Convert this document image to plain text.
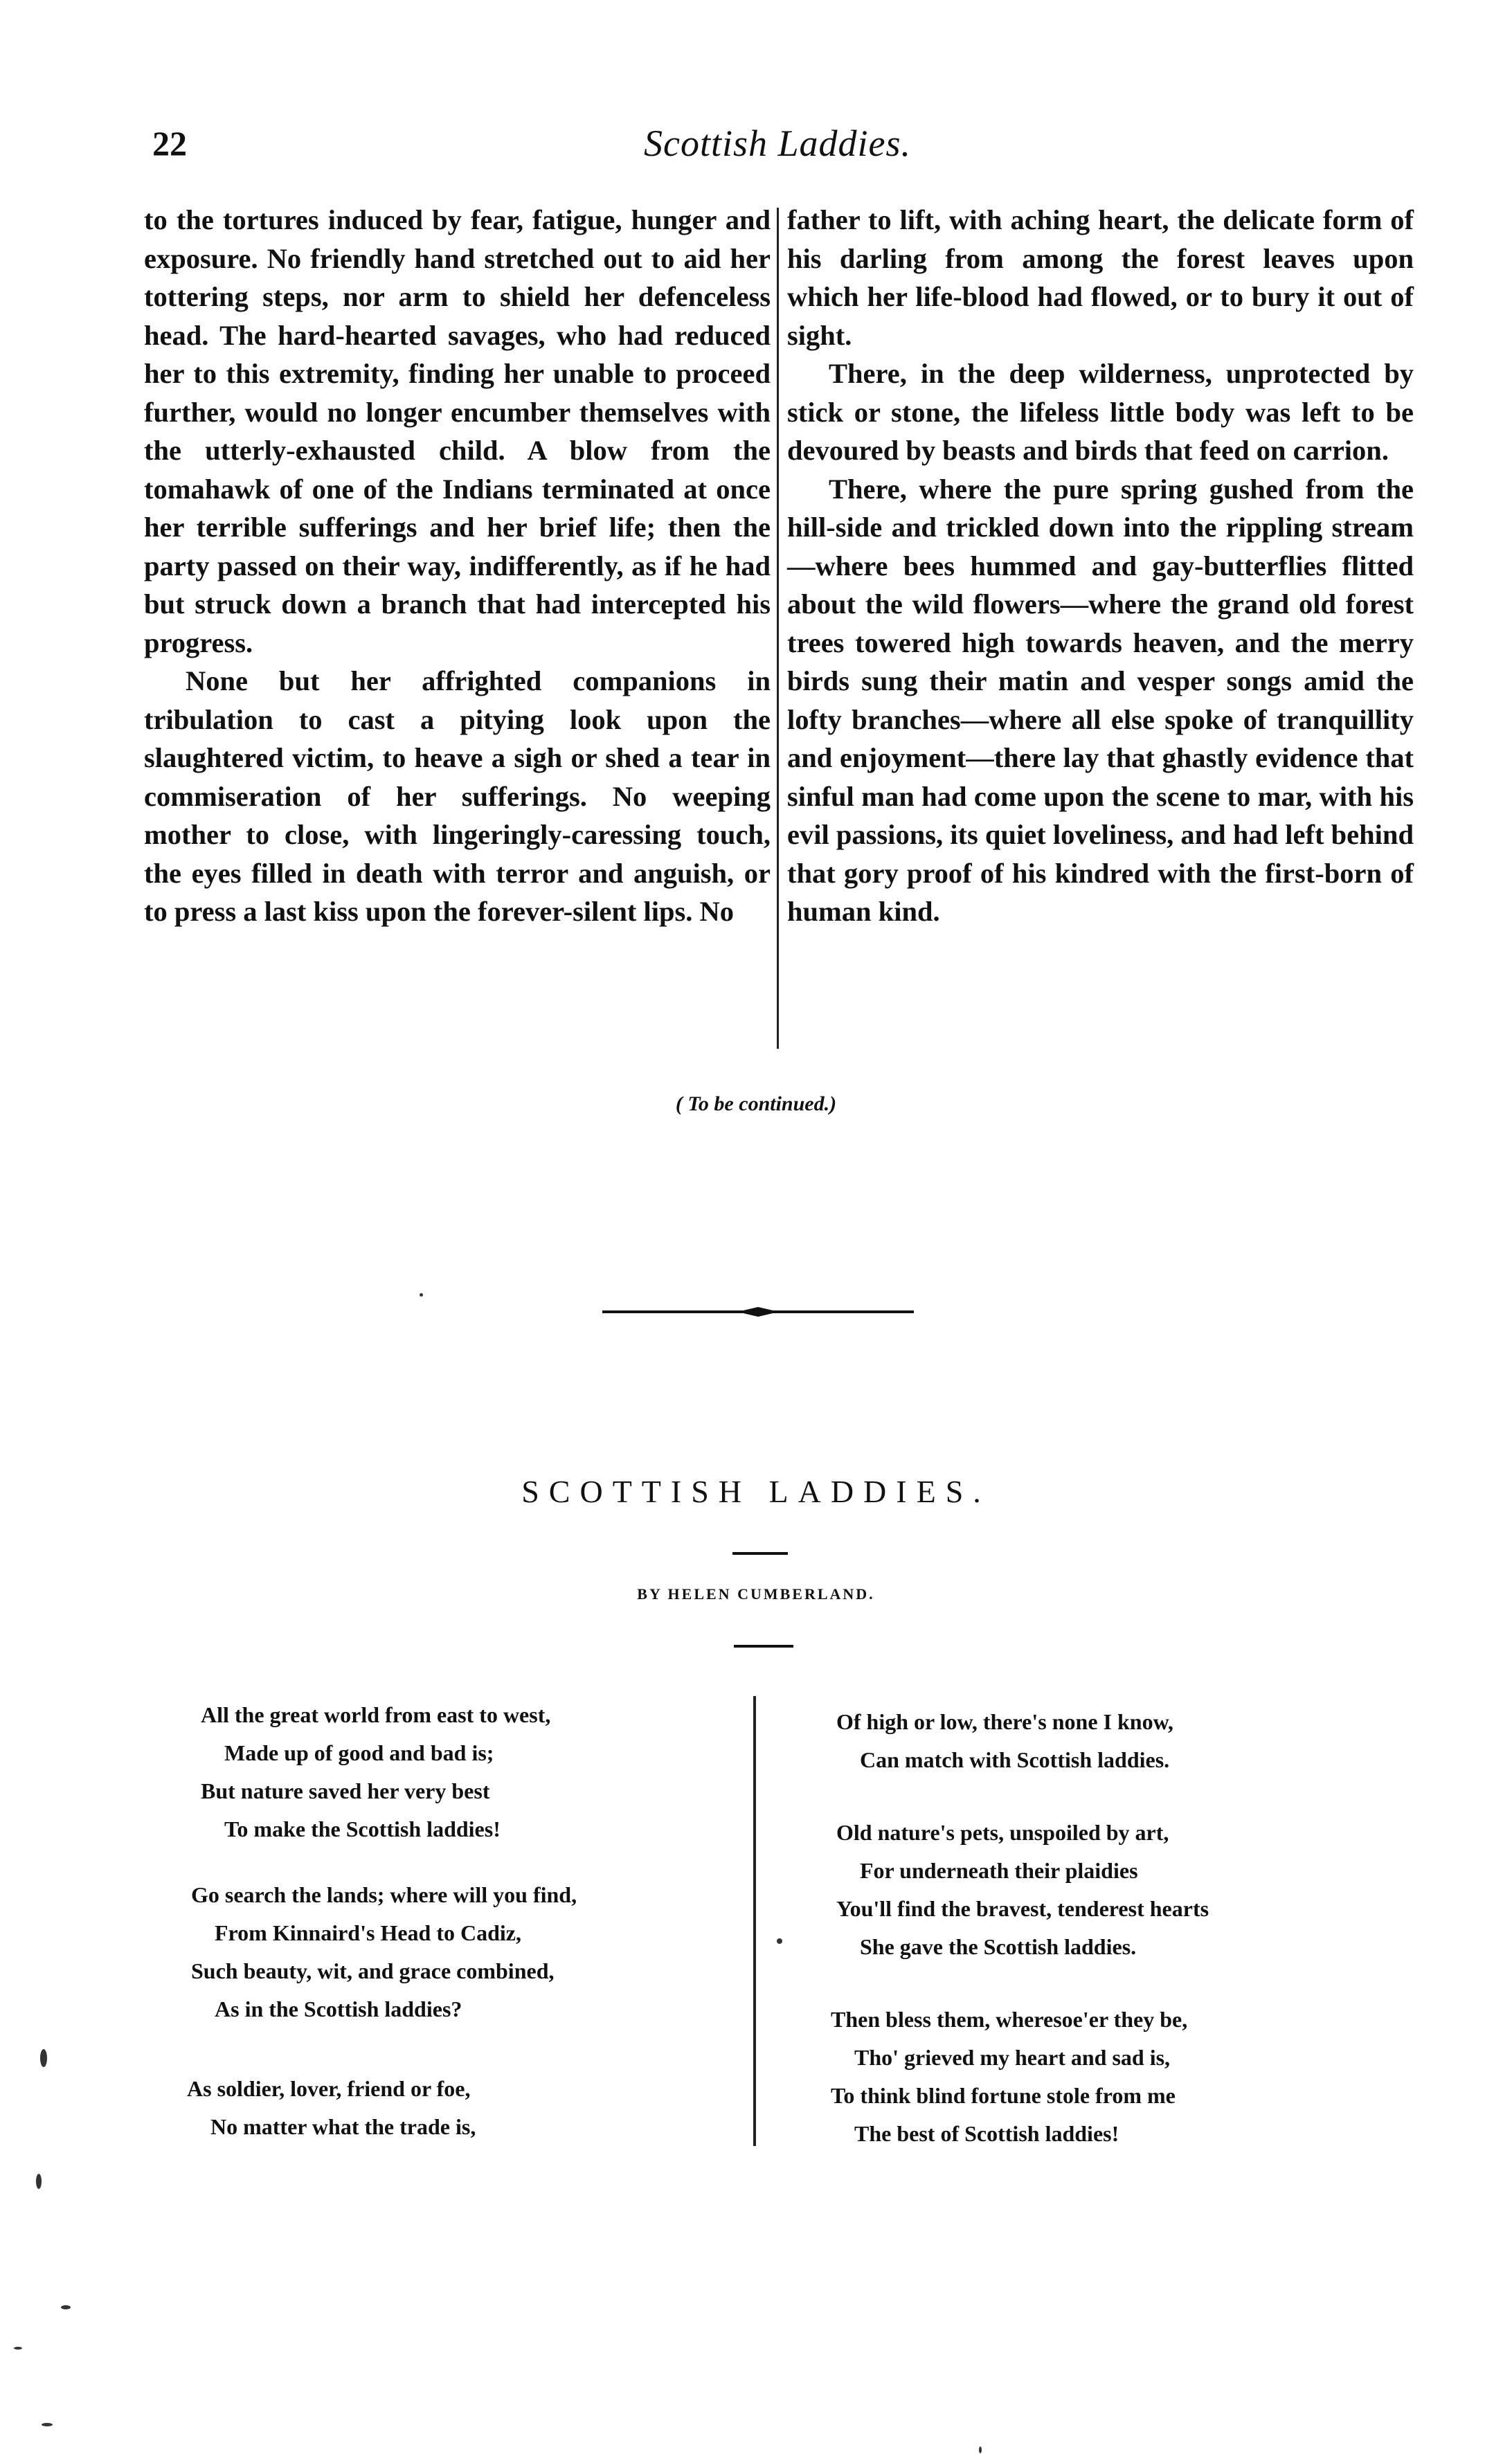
22	Scottish Laddies.

to the tortures induced by fear, fatigue, hunger and exposure. No friendly hand stretched out to aid her tottering steps, nor arm to shield her defenceless head. The hard-hearted savages, who had reduced her to this extremity, finding her unable to proceed further, would no longer encumber themselves with the utterly-exhausted child. A blow from the tomahawk of one of the Indians terminated at once her terrible sufferings and her brief life; then the party passed on their way, indifferently, as if he had but struck down a branch that had intercepted his progress.

None but her affrighted companions in tribulation to cast a pitying look upon the slaughtered victim, to heave a sigh or shed a tear in commiseration of her sufferings. No weeping mother to close, with lingeringly-caressing touch, the eyes filled in death with terror and anguish, or to press a last kiss upon the forever-silent lips. No

father to lift, with aching heart, the delicate form of his darling from among the forest leaves upon which her life-blood had flowed, or to bury it out of sight.

There, in the deep wilderness, unprotected by stick or stone, the lifeless little body was left to be devoured by beasts and birds that feed on carrion.

There, where the pure spring gushed from the hill-side and trickled down into the rippling stream—where bees hummed and gay-butterflies flitted about the wild flowers—where the grand old forest trees towered high towards heaven, and the merry birds sung their matin and vesper songs amid the lofty branches—where all else spoke of tranquillity and enjoyment—there lay that ghastly evidence that sinful man had come upon the scene to mar, with his evil passions, its quiet loveliness, and had left behind that gory proof of his kindred with the first-born of human kind.

( To be continued.)
SCOTTISH LADDIES.
BY HELEN CUMBERLAND.
All the great world from east to west,
Made up of good and bad is;
But nature saved her very best
To make the Scottish laddies!
Go search the lands; where will you find,
From Kinnaird's Head to Cadiz,
Such beauty, wit, and grace combined,
As in the Scottish laddies?
As soldier, lover, friend or foe,
No matter what the trade is,
Of high or low, there's none I know,
Can match with Scottish laddies.
Old nature's pets, unspoiled by art,
For underneath their plaidies
You'll find the bravest, tenderest hearts
She gave the Scottish laddies.
Then bless them, wheresoe'er they be,
Tho' grieved my heart and sad is,
To think blind fortune stole from me
The best of Scottish laddies!
